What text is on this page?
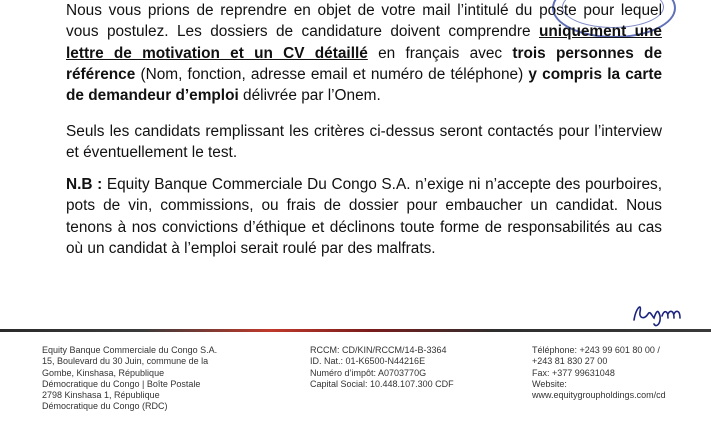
Nous vous prions de reprendre en objet de votre mail l’intitulé du poste pour lequel vous postulez. Les dossiers de candidature doivent comprendre uniquement une lettre de motivation et un CV détaillé en français avec trois personnes de référence (Nom, fonction, adresse email et numéro de téléphone) y compris la carte de demandeur d’emploi délivrée par l’Onem.

Seuls les candidats remplissant les critères ci-dessus seront contactés pour l’interview et éventuellement le test.

N.B : Equity Banque Commerciale Du Congo S.A. n’exige ni n’accepte des pourboires, pots de vin, commissions, ou frais de dossier pour embaucher un candidat. Nous tenons à nos convictions d’éthique et déclinons toute forme de responsabilités au cas où un candidat à l’emploi serait roulé par des malfrats.

Equity Banque Commerciale du Congo S.A.
15, Boulevard du 30 Juin, commune de la
Gombe, Kinshasa, République
Démocratique du Congo | Boîte Postale
2798 Kinshasa 1, République
Démocratique du Congo (RDC)
RCCM: CD/KIN/RCCM/14-B-3364
ID. Nat.: 01-K6500-N44216E
Numéro d’impôt: A0703770G
Capital Social: 10.448.107.300 CDF
Téléphone: +243 99 601 80 00 /
+243 81 830 27 00
Fax: +377 99631048
Website:
www.equitygroupholdings.com/cd
